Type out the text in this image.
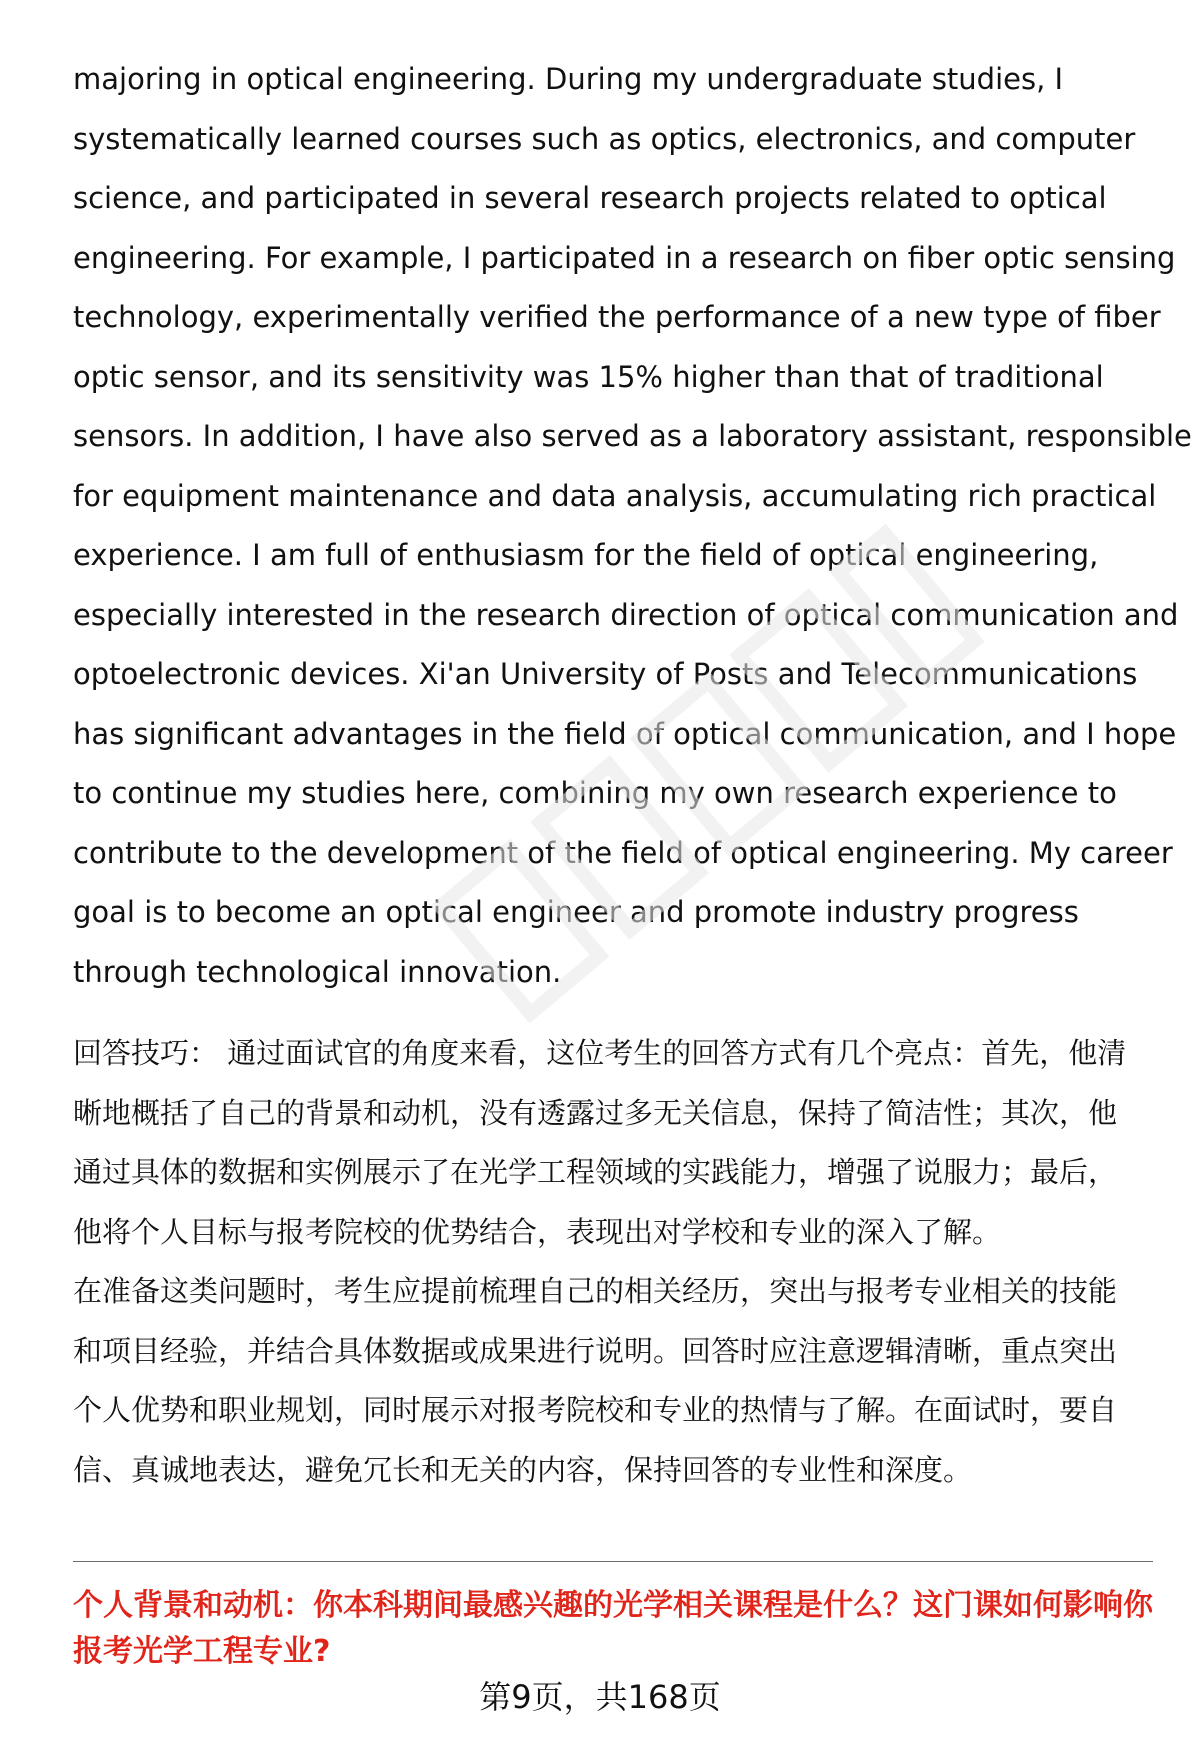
majoring in optical engineering. During my undergraduate studies, I
systematically learned courses such as optics, electronics, and computer
science, and participated in several research projects related to optical
engineering. For example, I participated in a research on fiber optic sensing
technology, experimentally verified the performance of a new type of fiber
optic sensor, and its sensitivity was 15% higher than that of traditional
sensors. In addition, I have also served as a laboratory assistant, responsible
for equipment maintenance and data analysis, accumulating rich practical
experience. I am full of enthusiasm for the field of optical engineering,
especially interested in the research direction of optical communication and
optoelectronic devices. Xi'an University of Posts and Telecommunications
has significant advantages in the field of optical communication, and I hope
to continue my studies here, combining my own research experience to
contribute to the development of the field of optical engineering. My career
goal is to become an optical engineer and promote industry progress
through technological innovation.
回答技巧： 通过面试官的角度来看，这位考生的回答方式有几个亮点：首先，他清
晰地概括了自己的背景和动机，没有透露过多无关信息，保持了简洁性；其次，他
通过具体的数据和实例展示了在光学工程领域的实践能力，增强了说服力；最后，
他将个人目标与报考院校的优势结合，表现出对学校和专业的深入了解。
在准备这类问题时，考生应提前梳理自己的相关经历，突出与报考专业相关的技能
和项目经验，并结合具体数据或成果进行说明。回答时应注意逻辑清晰，重点突出
个人优势和职业规划，同时展示对报考院校和专业的热情与了解。在面试时，要自
信、真诚地表达，避免冗长和无关的内容，保持回答的专业性和深度。
个人背景和动机：你本科期间最感兴趣的光学相关课程是什么？这门课如何影响你
报考光学工程专业?
第9页，共168页
